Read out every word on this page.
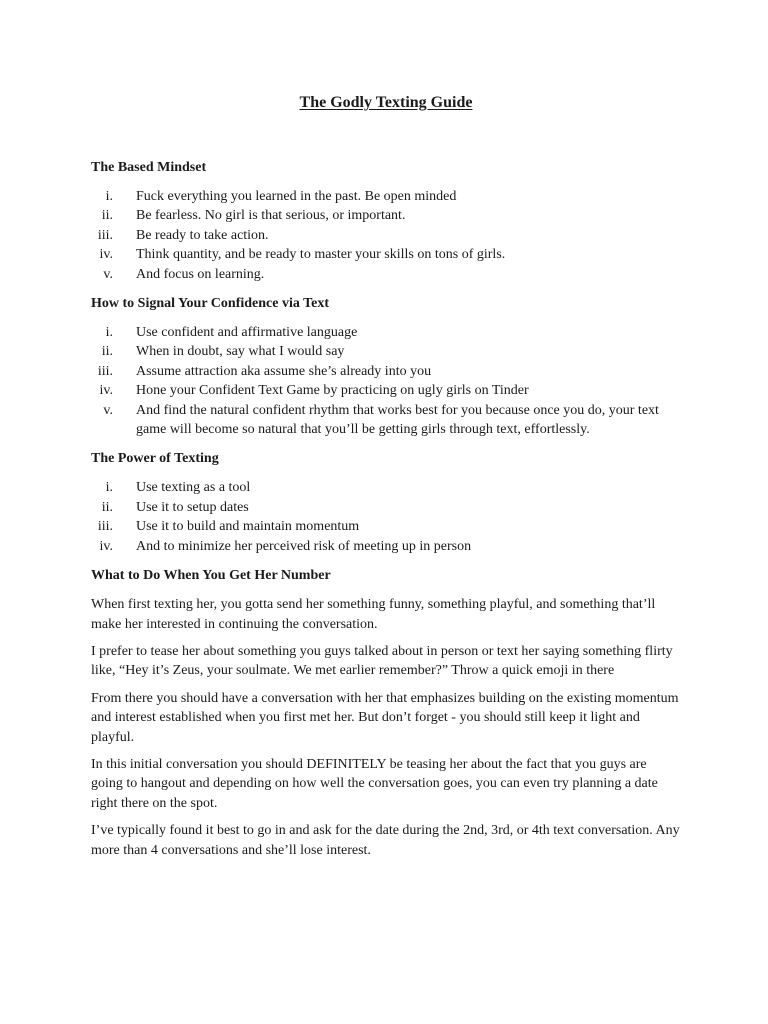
The Godly Texting Guide
The Based Mindset
i. Fuck everything you learned in the past. Be open minded
ii. Be fearless. No girl is that serious, or important.
iii. Be ready to take action.
iv. Think quantity, and be ready to master your skills on tons of girls.
v. And focus on learning.
How to Signal Your Confidence via Text
i. Use confident and affirmative language
ii. When in doubt, say what I would say
iii. Assume attraction aka assume she’s already into you
iv. Hone your Confident Text Game by practicing on ugly girls on Tinder
v. And find the natural confident rhythm that works best for you because once you do, your text game will become so natural that you’ll be getting girls through text, effortlessly.
The Power of Texting
i. Use texting as a tool
ii. Use it to setup dates
iii. Use it to build and maintain momentum
iv. And to minimize her perceived risk of meeting up in person
What to Do When You Get Her Number

When first texting her, you gotta send her something funny, something playful, and something that’ll make her interested in continuing the conversation.

I prefer to tease her about something you guys talked about in person or text her saying something flirty like, “Hey it’s Zeus, your soulmate. We met earlier remember?” Throw a quick emoji in there

From there you should have a conversation with her that emphasizes building on the existing momentum and interest established when you first met her. But don’t forget - you should still keep it light and playful.

In this initial conversation you should DEFINITELY be teasing her about the fact that you guys are going to hangout and depending on how well the conversation goes, you can even try planning a date right there on the spot.

I’ve typically found it best to go in and ask for the date during the 2nd, 3rd, or 4th text conversation. Any more than 4 conversations and she’ll lose interest.
